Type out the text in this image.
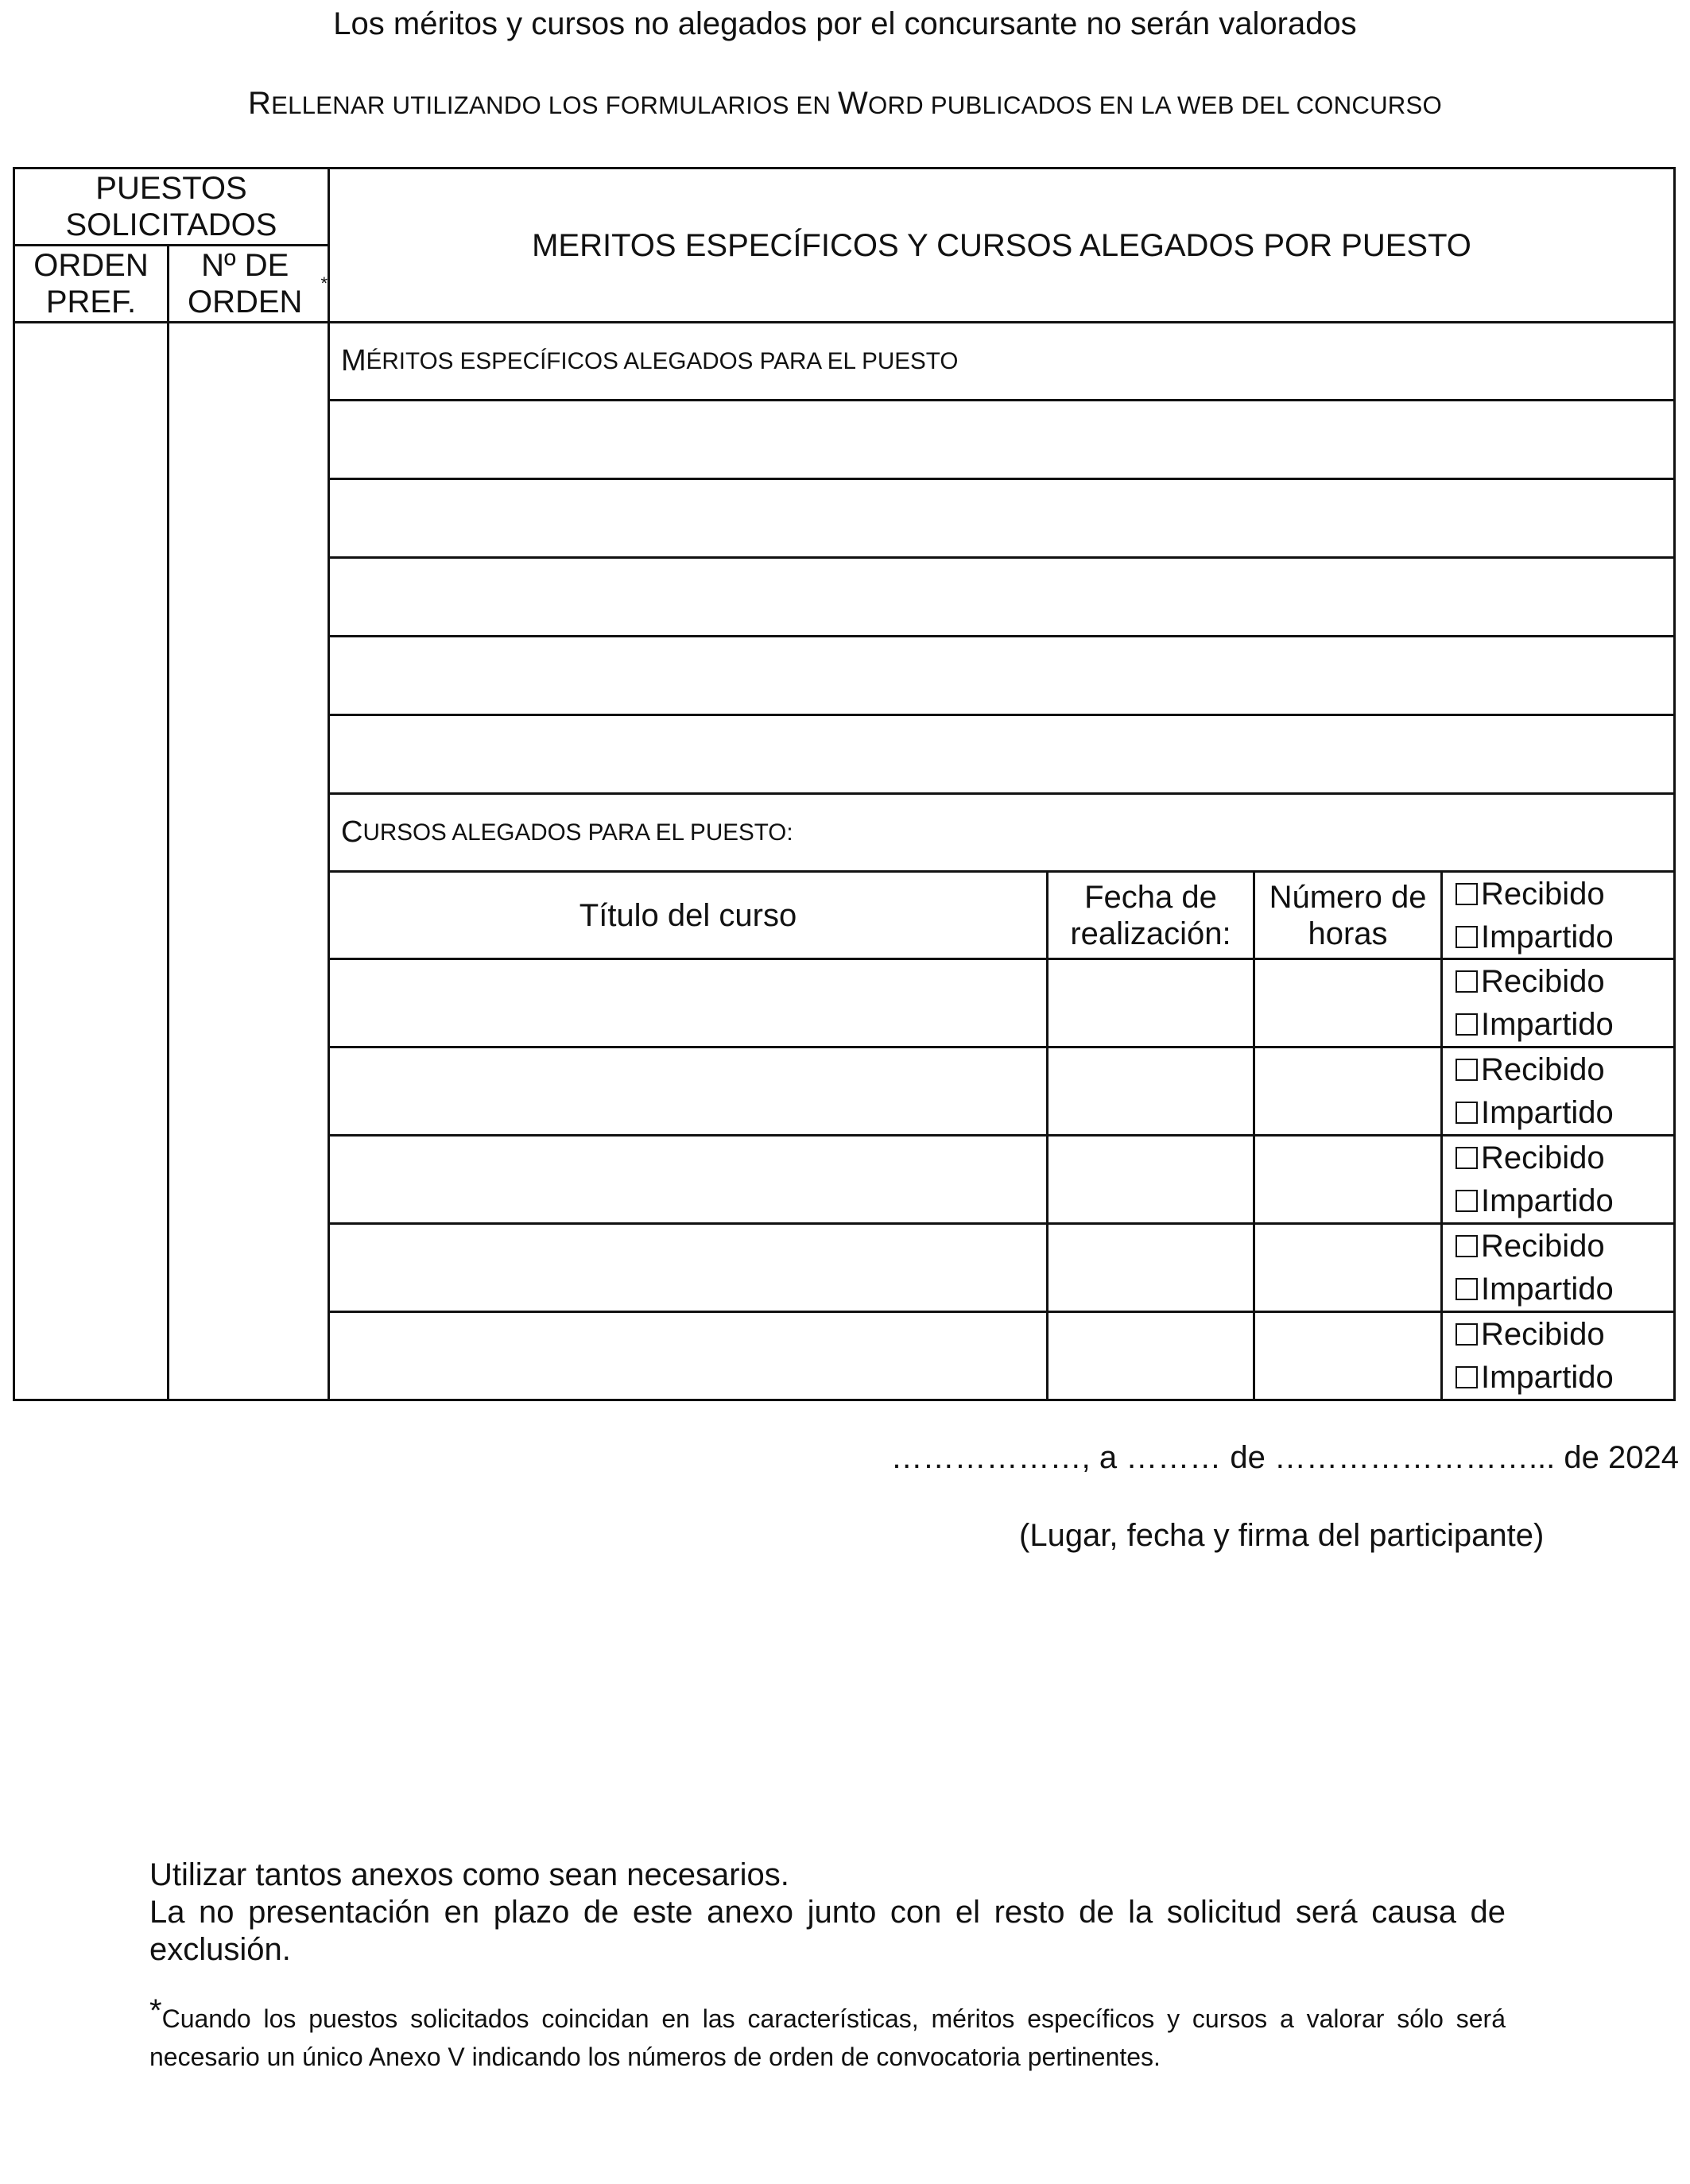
Los méritos y cursos no alegados por el concursante no serán valorados
RELLENAR UTILIZANDO LOS FORMULARIOS EN WORD PUBLICADOS EN LA WEB DEL CONCURSO
PUESTOS SOLICITADOS
ORDEN PREF.
Nº DE ORDEN
*
MERITOS ESPECÍFICOS Y CURSOS ALEGADOS POR PUESTO
M ÉRITOS ESPECÍFICOS ALEGADOS PARA EL PUESTO
C URSOS ALEGADOS PARA EL PUESTO:
Título del curso
Fecha de realización:
Número de horas
Recibido
Impartido
Recibido
Impartido
Recibido
Impartido
Recibido
Impartido
Recibido
Impartido
Recibido
Impartido
………………, a ……… de ……………………... de 2024
(Lugar, fecha y firma del participante)
Utilizar tantos anexos como sean necesarios.
La no presentación en plazo de este anexo junto con el resto de la solicitud será causa de exclusión.
*Cuando los puestos solicitados coincidan en las características, méritos específicos y cursos a valorar sólo será necesario un único Anexo V indicando los números de orden de convocatoria pertinentes.
